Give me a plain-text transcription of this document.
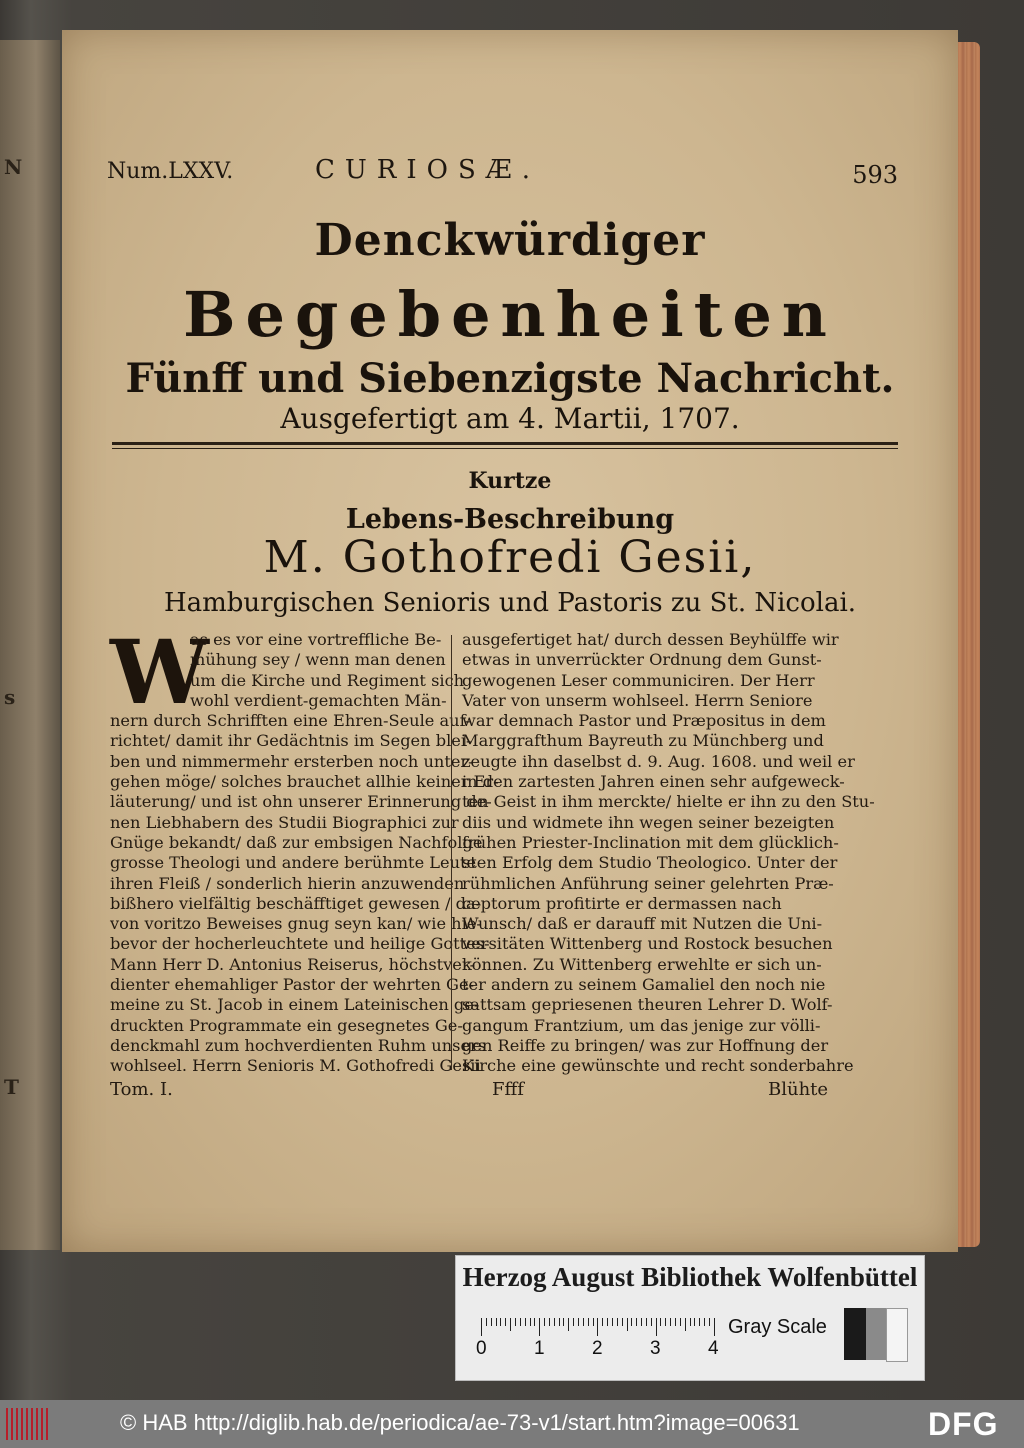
N
s
T
Num.LXXV.	CURIOSÆ.	593
Denckwürdiger
Begebenheiten
Fünff und Siebenzigste Nachricht.
Ausgefertigt am 4. Martii, 1707.
Kurtze
Lebens-Beschreibung
M. Gothofredi Gesii,
Hamburgischen Senioris und Pastoris zu St. Nicolai.
W
as es vor eine vortreffliche Be-
mühung sey / wenn man denen
um die Kirche und Regiment sich
wohl verdient-gemachten Män-
nern durch Schrifften eine Ehren-Seule auf-
richtet/ damit ihr Gedächtnis im Segen blei-
ben und nimmermehr ersterben noch unter-
gehen möge/ solches brauchet allhie keiner Er-
läuterung/ und ist ohn unserer Erinnerung de-
nen Liebhabern des Studii Biographici zur
Gnüge bekandt/ daß zur embsigen Nachfolge
grosse Theologi und andere berühmte Leute
ihren Fleiß / sonderlich hierin anzuwenden
bißhero vielfältig beschäfftiget gewesen / da-
von voritzo Beweises gnug seyn kan/ wie hie-
bevor der hocherleuchtete und heilige Gottes-
Mann Herr D. Antonius Reiserus, höchstver-
dienter ehemahliger Pastor der wehrten Ge-
meine zu St. Jacob in einem Lateinischen ge-
druckten Programmate ein gesegnetes Ge-
denckmahl zum hochverdienten Ruhm unsers
wohlseel. Herrn Senioris M. Gothofredi Gesii
ausgefertiget hat/ durch dessen Beyhülffe wir
etwas in unverrückter Ordnung dem Gunst-
gewogenen Leser communiciren. Der Herr
Vater von unserm wohlseel. Herrn Seniore
war demnach Pastor und Præpositus in dem
Marggrafthum Bayreuth zu Münchberg und
zeugte ihn daselbst d. 9. Aug. 1608. und weil er
in den zartesten Jahren einen sehr aufgeweck-
ten Geist in ihm merckte/ hielte er ihn zu den Stu-
diis und widmete ihn wegen seiner bezeigten
frühen Priester-Inclination mit dem glücklich-
sten Erfolg dem Studio Theologico. Unter der
rühmlichen Anführung seiner gelehrten Præ-
ceptorum profitirte er dermassen nach
Wunsch/ daß er darauff mit Nutzen die Uni-
versitäten Wittenberg und Rostock besuchen
können. Zu Wittenberg erwehlte er sich un-
ter andern zu seinem Gamaliel den noch nie
sattsam gepriesenen theuren Lehrer D. Wolf-
gangum Frantzium, um das jenige zur völli-
gen Reiffe zu bringen/ was zur Hoffnung der
Kirche eine gewünschte und recht sonderbahre
Tom. I.	Ffff	Blühte
Herzog August Bibliothek Wolfenbüttel
0 1 2 3 4
Gray Scale
© HAB http://diglib.hab.de/periodica/ae-73-v1/start.htm?image=00631	DFG
